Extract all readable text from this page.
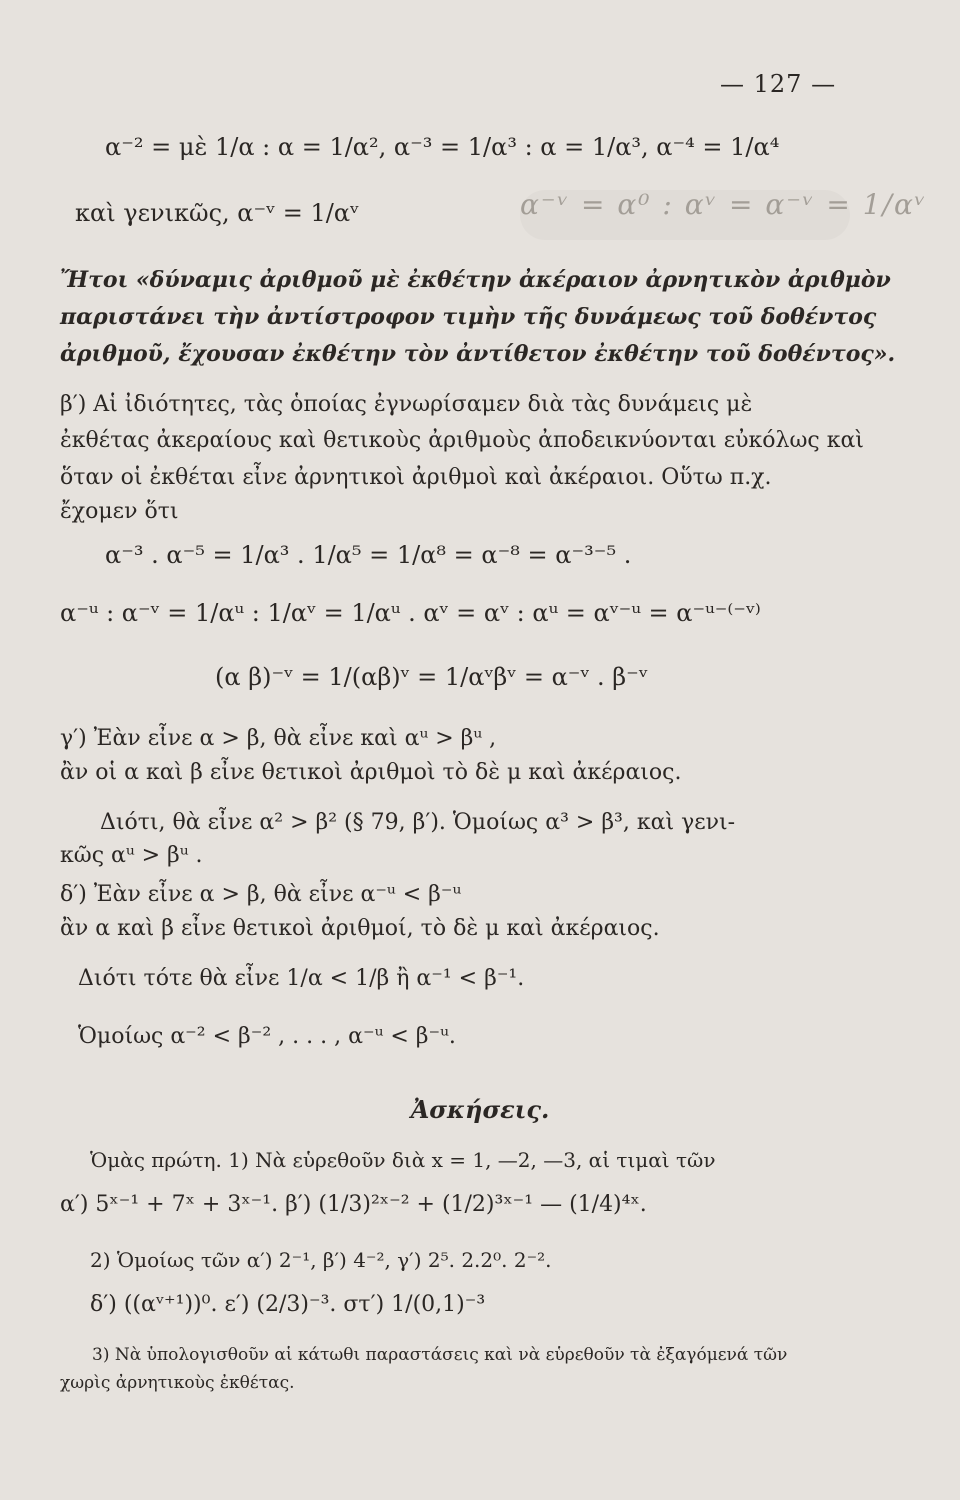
— 127 —
α⁻ᵛ = α⁰ : αᵛ = α⁻ᵛ = 1/αᵛ
α⁻² = μὲ 1/α : α = 1/α², α⁻³ = 1/α³ : α = 1/α³, α⁻⁴ = 1/α⁴
καὶ γενικῶς, α⁻ᵛ = 1/αᵛ
Ἤτοι «δύναμις ἀριθμοῦ μὲ ἐκθέτην ἀκέραιον ἀρνητικὸν ἀριθμὸν
παριστάνει τὴν ἀντίστροφον τιμὴν τῆς δυνάμεως τοῦ δοθέντος
ἀριθμοῦ, ἔχουσαν ἐκθέτην τὸν ἀντίθετον ἐκθέτην τοῦ δοθέντος».
β′) Αἱ ἰδιότητες, τὰς ὁποίας ἐγνωρίσαμεν διὰ τὰς δυνάμεις μὲ
ἐκθέτας ἀκεραίους καὶ θετικοὺς ἀριθμοὺς ἀποδεικνύονται εὐκόλως καὶ
ὅταν οἱ ἐκθέται εἶνε ἀρνητικοὶ ἀριθμοὶ καὶ ἀκέραιοι. Οὕτω π.χ.
ἔχομεν ὅτι
α⁻³ . α⁻⁵ = 1/α³ . 1/α⁵ = 1/α⁸ = α⁻⁸ = α⁻³⁻⁵ .
α⁻ᵘ : α⁻ᵛ = 1/αᵘ : 1/αᵛ = 1/αᵘ . αᵛ = αᵛ : αᵘ = αᵛ⁻ᵘ = α⁻ᵘ⁻⁽⁻ᵛ⁾
(α β)⁻ᵛ = 1/(αβ)ᵛ = 1/αᵛβᵛ = α⁻ᵛ . β⁻ᵛ
γ′) Ἐὰν εἶνε α > β, θὰ εἶνε καὶ αᵘ > βᵘ ,
ἂν οἱ α καὶ β εἶνε θετικοὶ ἀριθμοὶ τὸ δὲ μ καὶ ἀκέραιος.
Διότι, θὰ εἶνε α² > β² (§ 79, β′). Ὁμοίως α³ > β³, καὶ γενι-
κῶς αᵘ > βᵘ .
δ′) Ἐὰν εἶνε α > β, θὰ εἶνε α⁻ᵘ < β⁻ᵘ
ἂν α καὶ β εἶνε θετικοὶ ἀριθμοί, τὸ δὲ μ καὶ ἀκέραιος.
Διότι τότε θὰ εἶνε 1/α < 1/β ἢ α⁻¹ < β⁻¹.
Ὁμοίως α⁻² < β⁻² , . . . , α⁻ᵘ < β⁻ᵘ.
Ἀσκήσεις.
Ὁμὰς πρώτη. 1) Νὰ εὑρεθοῦν διὰ x = 1, —2, —3, αἱ τιμαὶ τῶν
α′) 5ˣ⁻¹ + 7ˣ + 3ˣ⁻¹. β′) (1/3)²ˣ⁻² + (1/2)³ˣ⁻¹ — (1/4)⁴ˣ.
2) Ὁμοίως τῶν α′) 2⁻¹, β′) 4⁻², γ′) 2⁵. 2.2⁰. 2⁻².
δ′) ((αᵛ⁺¹))⁰. ε′) (2/3)⁻³. στ′) 1/(0,1)⁻³
3) Νὰ ὑπολογισθοῦν αἱ κάτωθι παραστάσεις καὶ νὰ εὑρεθοῦν τὰ ἐξαγόμενά τῶν
χωρὶς ἀρνητικοὺς ἐκθέτας.
